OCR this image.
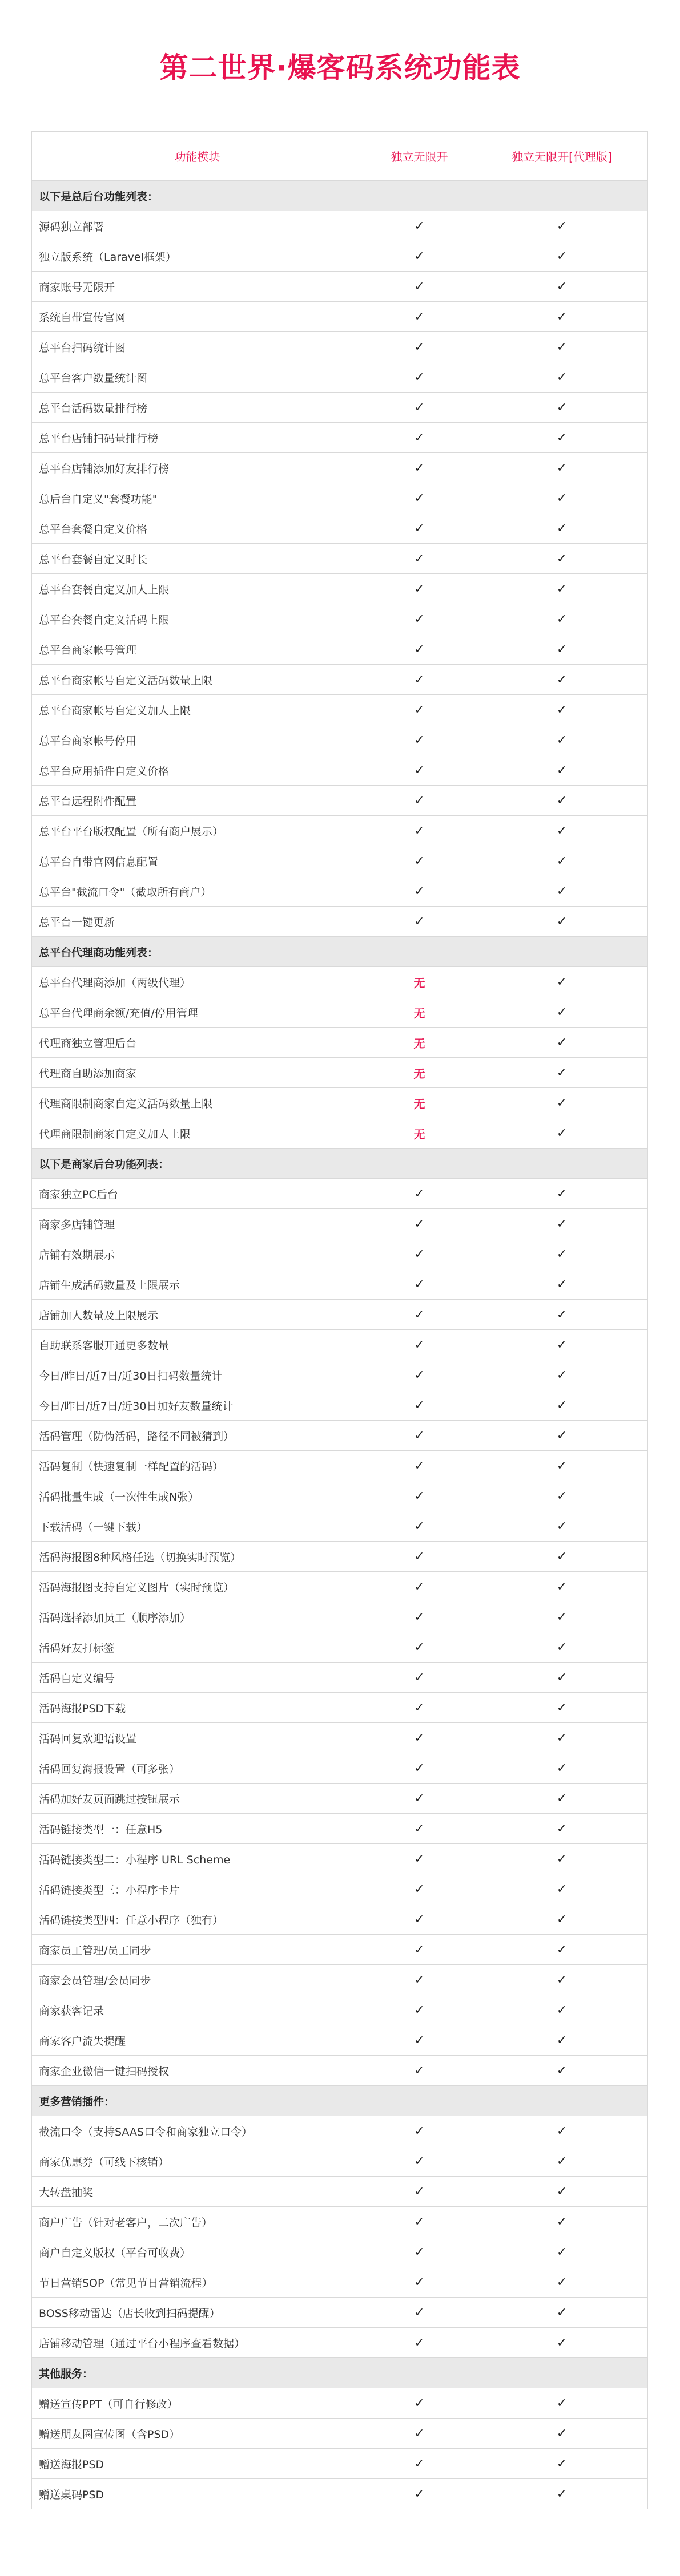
第二世界·爆客码系统功能表
功能模块	独立无限开	独立无限开[代理版]
以下是总后台功能列表：		
源码独立部署	✓	✓
独立版系统（Laravel框架）	✓	✓
商家账号无限开	✓	✓
系统自带宣传官网	✓	✓
总平台扫码统计图	✓	✓
总平台客户数量统计图	✓	✓
总平台活码数量排行榜	✓	✓
总平台店铺扫码量排行榜	✓	✓
总平台店铺添加好友排行榜	✓	✓
总后台自定义"套餐功能"	✓	✓
总平台套餐自定义价格	✓	✓
总平台套餐自定义时长	✓	✓
总平台套餐自定义加人上限	✓	✓
总平台套餐自定义活码上限	✓	✓
总平台商家帐号管理	✓	✓
总平台商家帐号自定义活码数量上限	✓	✓
总平台商家帐号自定义加人上限	✓	✓
总平台商家帐号停用	✓	✓
总平台应用插件自定义价格	✓	✓
总平台远程附件配置	✓	✓
总平台平台版权配置（所有商户展示）	✓	✓
总平台自带官网信息配置	✓	✓
总平台"截流口令"（截取所有商户）	✓	✓
总平台一键更新	✓	✓
总平台代理商功能列表：		
总平台代理商添加（两级代理）	无	✓
总平台代理商余额/充值/停用管理	无	✓
代理商独立管理后台	无	✓
代理商自助添加商家	无	✓
代理商限制商家自定义活码数量上限	无	✓
代理商限制商家自定义加人上限	无	✓
以下是商家后台功能列表：		
商家独立PC后台	✓	✓
商家多店铺管理	✓	✓
店铺有效期展示	✓	✓
店铺生成活码数量及上限展示	✓	✓
店铺加人数量及上限展示	✓	✓
自助联系客服开通更多数量	✓	✓
今日/昨日/近7日/近30日扫码数量统计	✓	✓
今日/昨日/近7日/近30日加好友数量统计	✓	✓
活码管理（防伪活码，路径不同被猜到）	✓	✓
活码复制（快速复制一样配置的活码）	✓	✓
活码批量生成（一次性生成N张）	✓	✓
下载活码（一键下载）	✓	✓
活码海报图8种风格任选（切换实时预览）	✓	✓
活码海报图支持自定义图片（实时预览）	✓	✓
活码选择添加员工（顺序添加）	✓	✓
活码好友打标签	✓	✓
活码自定义编号	✓	✓
活码海报PSD下载	✓	✓
活码回复欢迎语设置	✓	✓
活码回复海报设置（可多张）	✓	✓
活码加好友页面跳过按钮展示	✓	✓
活码链接类型一：任意H5	✓	✓
活码链接类型二：小程序 URL Scheme	✓	✓
活码链接类型三：小程序卡片	✓	✓
活码链接类型四：任意小程序（独有）	✓	✓
商家员工管理/员工同步	✓	✓
商家会员管理/会员同步	✓	✓
商家获客记录	✓	✓
商家客户流失提醒	✓	✓
商家企业微信一键扫码授权	✓	✓
更多营销插件：		
截流口令（支持SAAS口令和商家独立口令）	✓	✓
商家优惠券（可线下核销）	✓	✓
大转盘抽奖	✓	✓
商户广告（针对老客户，二次广告）	✓	✓
商户自定义版权（平台可收费）	✓	✓
节日营销SOP（常见节日营销流程）	✓	✓
BOSS移动雷达（店长收到扫码提醒）	✓	✓
店铺移动管理（通过平台小程序查看数据）	✓	✓
其他服务：		
赠送宣传PPT（可自行修改）	✓	✓
赠送朋友圈宣传图（含PSD）	✓	✓
赠送海报PSD	✓	✓
赠送桌码PSD	✓	✓
